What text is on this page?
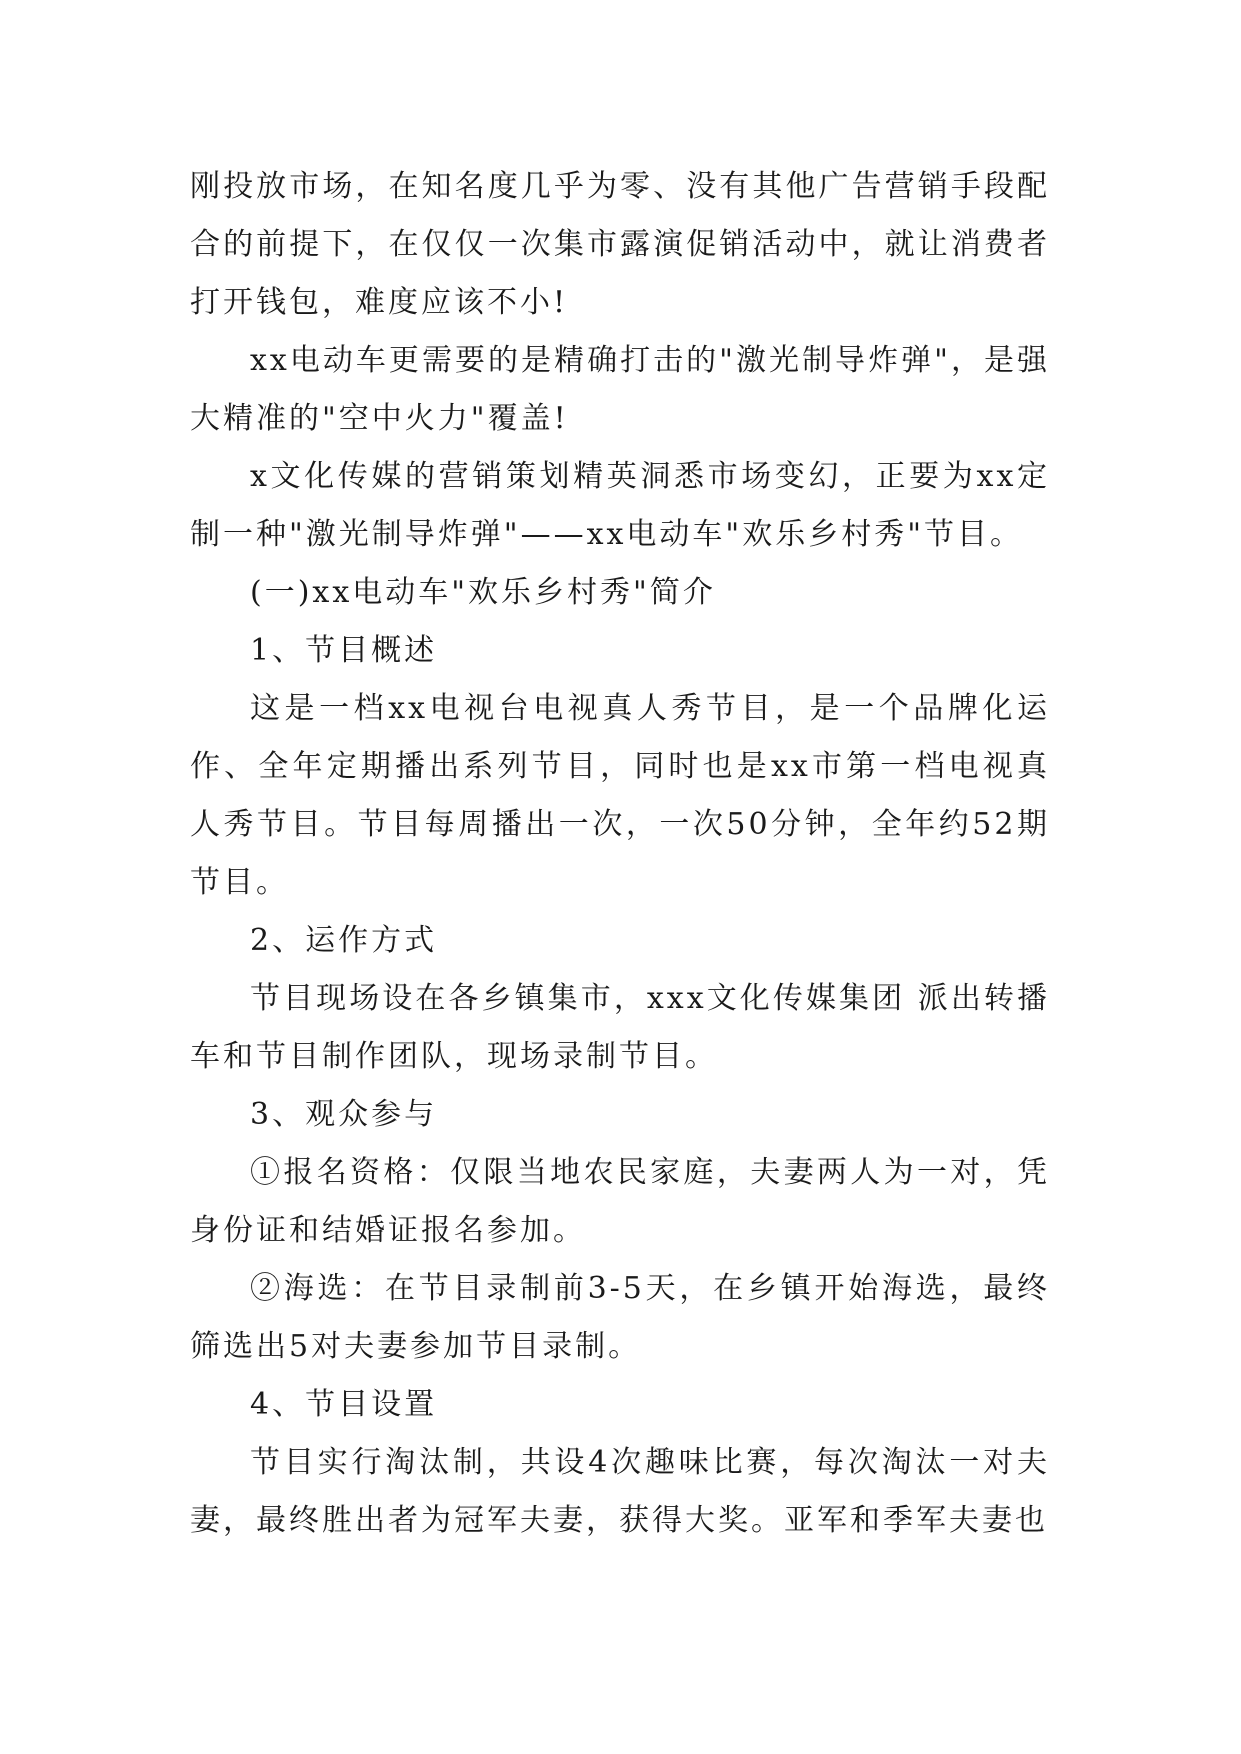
刚投放市场，在知名度几乎为零、没有其他广告营销手段配合的前提下，在仅仅一次集市露演促销活动中，就让消费者打开钱包，难度应该不小!

xx电动车更需要的是精确打击的"激光制导炸弹"，是强大精准的"空中火力"覆盖!

x文化传媒的营销策划精英洞悉市场变幻，正要为xx定制一种"激光制导炸弹"——xx电动车"欢乐乡村秀"节目。

(一)xx电动车"欢乐乡村秀"简介

1、节目概述

这是一档xx电视台电视真人秀节目，是一个品牌化运作、全年定期播出系列节目，同时也是xx市第一档电视真人秀节目。节目每周播出一次，一次50分钟，全年约52期节目。

2、运作方式

节目现场设在各乡镇集市，xxx文化传媒集团 派出转播车和节目制作团队，现场录制节目。

3、观众参与

①报名资格：仅限当地农民家庭，夫妻两人为一对，凭身份证和结婚证报名参加。

②海选：在节目录制前3-5天，在乡镇开始海选，最终筛选出5对夫妻参加节目录制。

4、节目设置

节目实行淘汰制，共设4次趣味比赛，每次淘汰一对夫妻，最终胜出者为冠军夫妻，获得大奖。亚军和季军夫妻也
